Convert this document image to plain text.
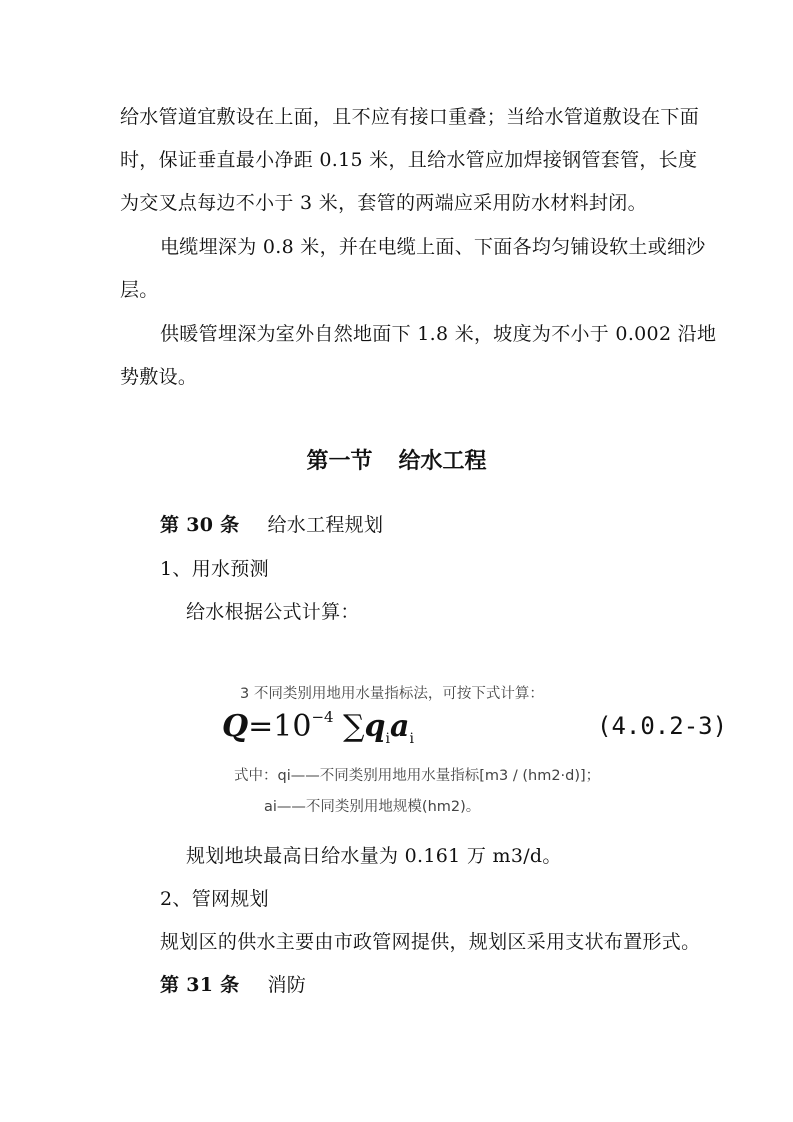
给水管道宜敷设在上面，且不应有接口重叠；当给水管道敷设在下面
时，保证垂直最小净距 0.15 米，且给水管应加焊接钢管套管，长度
为交叉点每边不小于 3 米，套管的两端应采用防水材料封闭。
电缆埋深为 0.8 米，并在电缆上面、下面各均匀铺设软土或细沙
层。
供暖管埋深为室外自然地面下 1.8 米，坡度为不小于 0.002 沿地
势敷设。
第一节 给水工程
第 30 条 给水工程规划
1、用水预测
给水根据公式计算：
3 不同类别用地用水量指标法，可按下式计算：
$Q=10^{-4}$ $\sum q_ia_i$	(4.0.2-3)
式中：qi——不同类别用地用水量指标[m3 / (hm2·d)]；
ai——不同类别用地规模(hm2)。
规划地块最高日给水量为 0.161 万 m3/d。
2、管网规划
规划区的供水主要由市政管网提供，规划区采用支状布置形式。
第 31 条 消防
